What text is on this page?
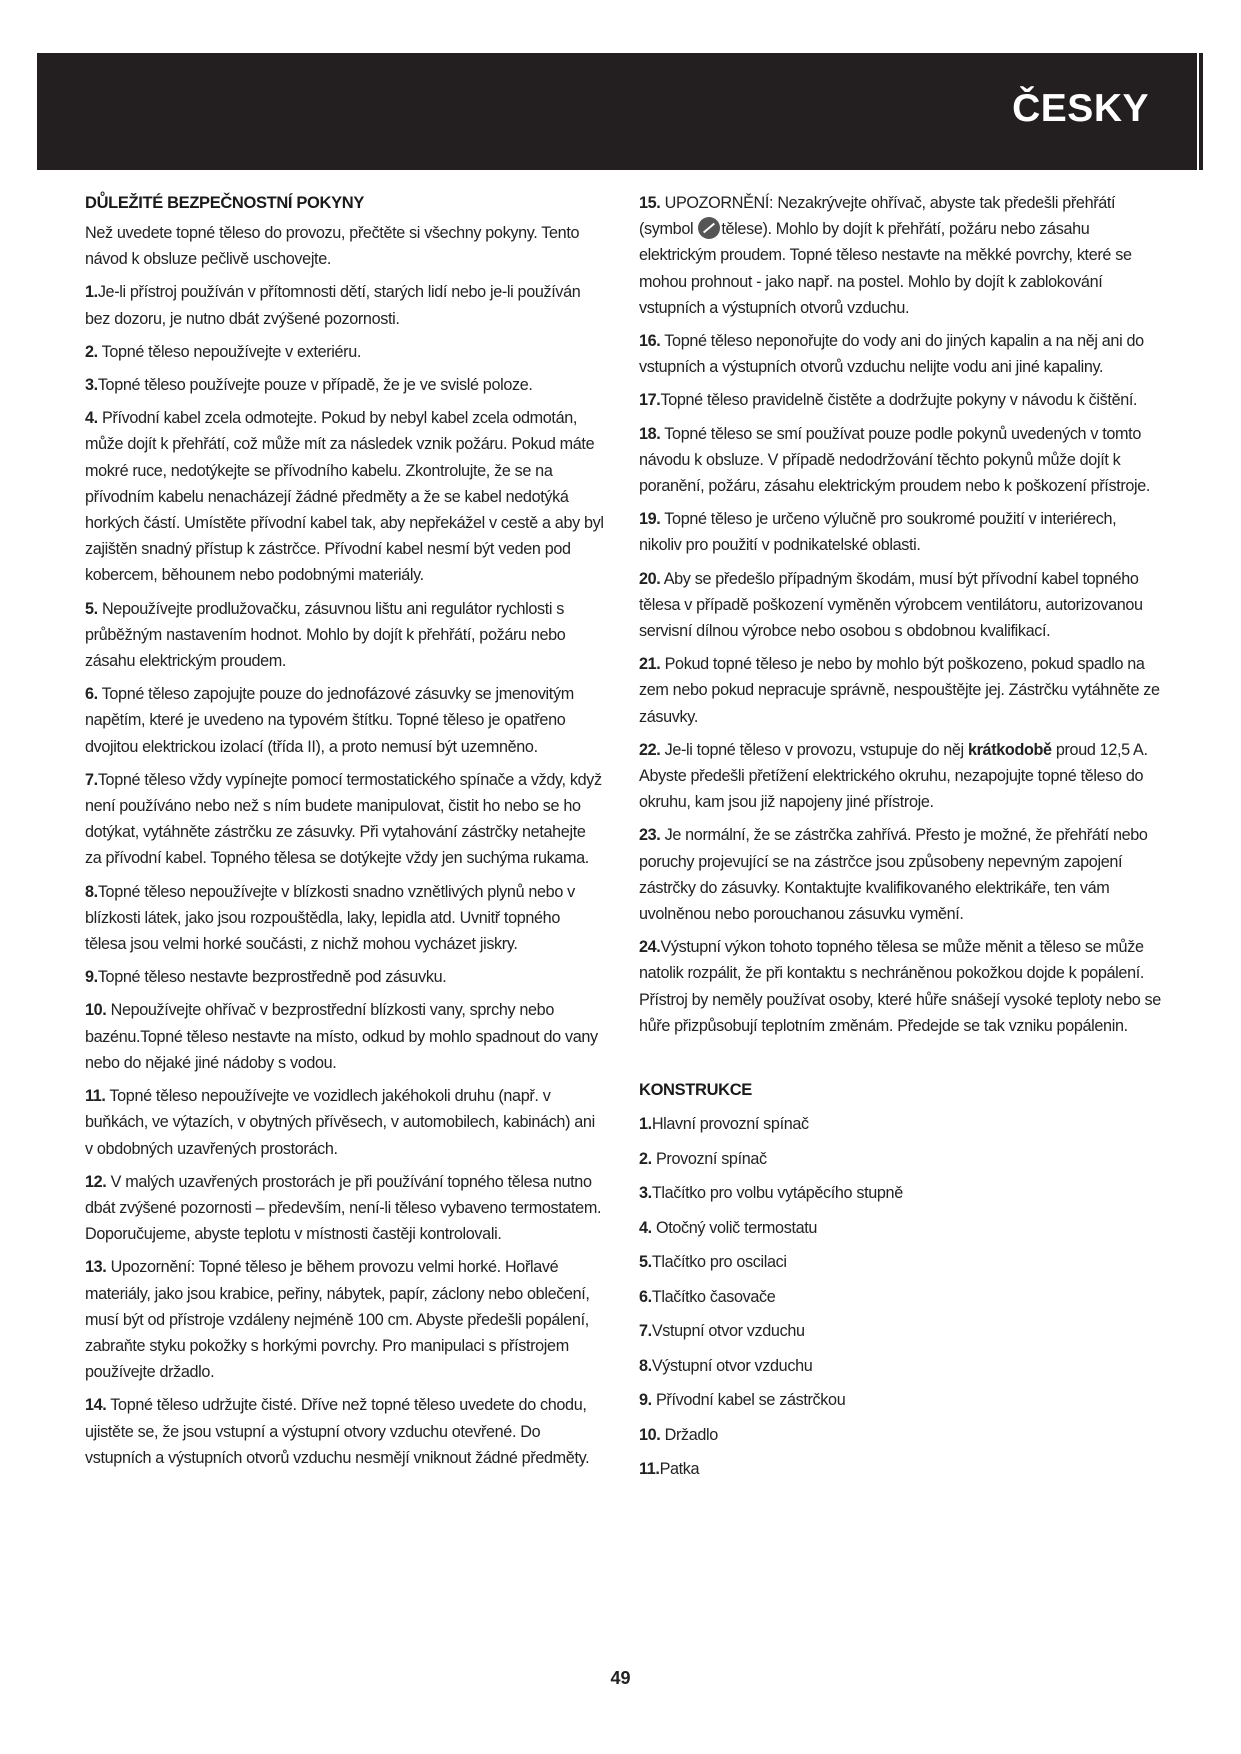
ČESKY
DŮLEŽITÉ BEZPEČNOSTNÍ POKYNY

Než uvedete topné těleso do provozu, přečtěte si všechny pokyny. Tento návod k obsluze pečlivě uschovejte.

1.Je-li přístroj používán v přítomnosti dětí, starých lidí nebo je-li používán bez dozoru, je nutno dbát zvýšené pozornosti.

2. Topné těleso nepoužívejte v exteriéru.

3.Topné těleso používejte pouze v případě, že je ve svislé poloze.

4. Přívodní kabel zcela odmotejte. Pokud by nebyl kabel zcela odmotán, může dojít k přehřátí, což může mít za následek vznik požáru. Pokud máte mokré ruce, nedotýkejte se přívodního kabelu. Zkontrolujte, že se na přívodním kabelu nenacházejí žádné předměty a že se kabel nedotýká horkých částí. Umístěte přívodní kabel tak, aby nepřekážel v cestě a aby byl zajištěn snadný přístup k zástrčce. Přívodní kabel nesmí být veden pod kobercem, běhounem nebo podobnými materiály.

5. Nepoužívejte prodlužovačku, zásuvnou lištu ani regulátor rychlosti s průběžným nastavením hodnot. Mohlo by dojít k přehřátí, požáru nebo zásahu elektrickým proudem.

6. Topné těleso zapojujte pouze do jednofázové zásuvky se jmenovitým napětím, které je uvedeno na typovém štítku. Topné těleso je opatřeno dvojitou elektrickou izolací (třída II), a proto nemusí být uzemněno.

7.Topné těleso vždy vypínejte pomocí termostatického spínače a vždy, když není používáno nebo než s ním budete manipulovat, čistit ho nebo se ho dotýkat, vytáhněte zástrčku ze zásuvky. Při vytahování zástrčky netahejte za přívodní kabel. Topného tělesa se dotýkejte vždy jen suchýma rukama.

8.Topné těleso nepoužívejte v blízkosti snadno vznětlivých plynů nebo v blízkosti látek, jako jsou rozpouštědla, laky, lepidla atd. Uvnitř topného tělesa jsou velmi horké součásti, z nichž mohou vycházet jiskry.

9.Topné těleso nestavte bezprostředně pod zásuvku.

10. Nepoužívejte ohřívač v bezprostřední blízkosti vany, sprchy nebo bazénu.Topné těleso nestavte na místo, odkud by mohlo spadnout do vany nebo do nějaké jiné nádoby s vodou.

11. Topné těleso nepoužívejte ve vozidlech jakéhokoli druhu (např. v buňkách, ve výtazích, v obytných přívěsech, v automobilech, kabinách) ani v obdobných uzavřených prostorách.

12. V malých uzavřených prostorách je při používání topného tělesa nutno dbát zvýšené pozornosti – především, není-li těleso vybaveno termostatem. Doporučujeme, abyste teplotu v místnosti častěji kontrolovali.

13. Upozornění: Topné těleso je během provozu velmi horké. Hořlavé materiály, jako jsou krabice, peřiny, nábytek, papír, záclony nebo oblečení, musí být od přístroje vzdáleny nejméně 100 cm. Abyste předešli popálení, zabraňte styku pokožky s horkými povrchy. Pro manipulaci s přístrojem používejte držadlo.

14. Topné těleso udržujte čisté. Dříve než topné těleso uvedete do chodu, ujistěte se, že jsou vstupní a výstupní otvory vzduchu otevřené. Do vstupních a výstupních otvorů vzduchu nesmějí vniknout žádné předměty.

15. UPOZORNĚNÍ: Nezakrývejte ohřívač, abyste tak předešli přehřátí (symbol tělese). Mohlo by dojít k přehřátí, požáru nebo zásahu elektrickým proudem. Topné těleso nestavte na měkké povrchy, které se mohou prohnout - jako např. na postel. Mohlo by dojít k zablokování vstupních a výstupních otvorů vzduchu.

16. Topné těleso neponořujte do vody ani do jiných kapalin a na něj ani do vstupních a výstupních otvorů vzduchu nelijte vodu ani jiné kapaliny.

17.Topné těleso pravidelně čistěte a dodržujte pokyny v návodu k čištění.

18. Topné těleso se smí používat pouze podle pokynů uvedených v tomto návodu k obsluze. V případě nedodržování těchto pokynů může dojít k poranění, požáru, zásahu elektrickým proudem nebo k poškození přístroje.

19. Topné těleso je určeno výlučně pro soukromé použití v interiérech, nikoliv pro použití v podnikatelské oblasti.

20. Aby se předešlo případným škodám, musí být přívodní kabel topného tělesa v případě poškození vyměněn výrobcem ventilátoru, autorizovanou servisní dílnou výrobce nebo osobou s obdobnou kvalifikací.

21. Pokud topné těleso je nebo by mohlo být poškozeno, pokud spadlo na zem nebo pokud nepracuje správně, nespouštějte jej. Zástrčku vytáhněte ze zásuvky.

22. Je-li topné těleso v provozu, vstupuje do něj krátkodobě proud 12,5 A. Abyste předešli přetížení elektrického okruhu, nezapojujte topné těleso do okruhu, kam jsou již napojeny jiné přístroje.

23. Je normální, že se zástrčka zahřívá. Přesto je možné, že přehřátí nebo poruchy projevující se na zástrčce jsou způsobeny nepevným zapojení zástrčky do zásuvky. Kontaktujte kvalifikovaného elektrikáře, ten vám uvolněnou nebo porouchanou zásuvku vymění.

24.Výstupní výkon tohoto topného tělesa se může měnit a těleso se může natolik rozpálit, že při kontaktu s nechráněnou pokožkou dojde k popálení. Přístroj by neměly používat osoby, které hůře snášejí vysoké teploty nebo se hůře přizpůsobují teplotním změnám. Předejde se tak vzniku popálenin.

KONSTRUKCE
1.Hlavní provozní spínač
2. Provozní spínač
3.Tlačítko pro volbu vytápěcího stupně
4. Otočný volič termostatu
5.Tlačítko pro oscilaci
6.Tlačítko časovače
7.Vstupní otvor vzduchu
8.Výstupní otvor vzduchu
9. Přívodní kabel se zástrčkou
10. Držadlo
11.Patka
49
